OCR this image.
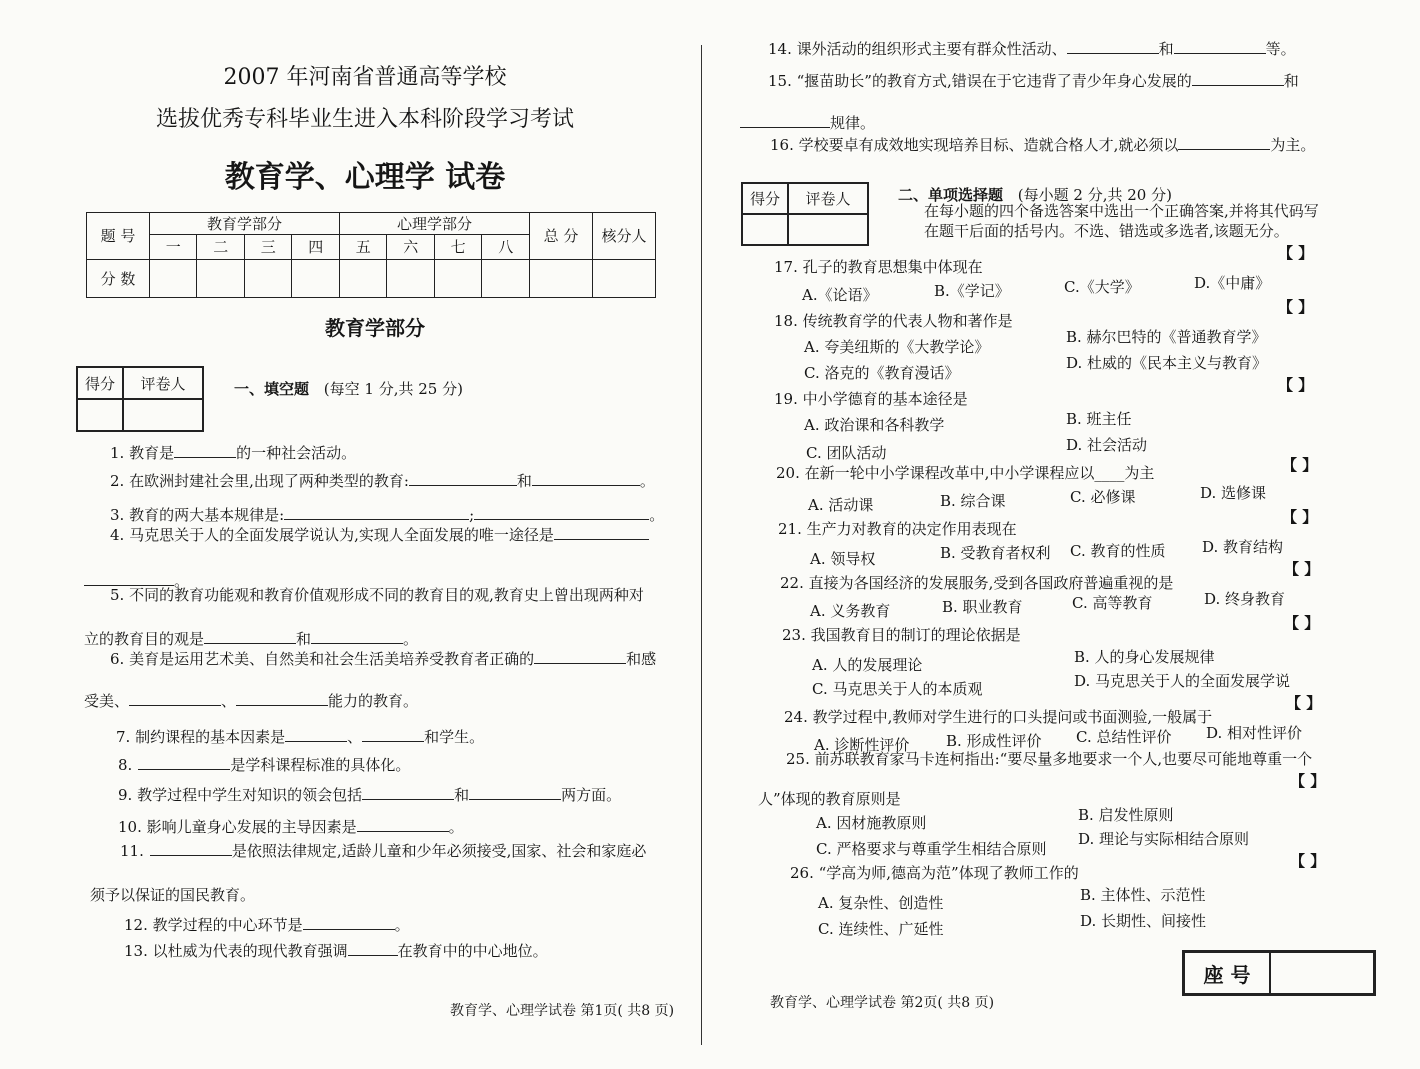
2007 年河南省普通高等学校
选拔优秀专科毕业生进入本科阶段学习考试
教育学、心理学 试卷
题 号	教育学部分				心理学部分				总 分	核分人
	一	二	三	四	五	六	七	八		
分 数										
教育学部分
得分	评卷人	一、填空题 (每空 1 分,共 25 分)
1. 教育是	的一种社会活动。
2. 在欧洲封建社会里,出现了两种类型的教育:	和	。
3. 教育的两大基本规律是:	;	。
4. 马克思关于人的全面发展学说认为,实现人全面发展的唯一途径是
。
5. 不同的教育功能观和教育价值观形成不同的教育目的观,教育史上曾出现两种对
立的教育目的观是	和	。
6. 美育是运用艺术美、自然美和社会生活美培养受教育者正确的	和感
受美、	、	能力的教育。
7. 制约课程的基本因素是	、	和学生。
8.	是学科课程标准的具体化。
9. 教学过程中学生对知识的领会包括	和	两方面。
10. 影响儿童身心发展的主导因素是	。
11.	是依照法律规定,适龄儿童和少年必须接受,国家、社会和家庭必
须予以保证的国民教育。
12. 教学过程的中心环节是	。
13. 以杜威为代表的现代教育强调	在教育中的中心地位。
教育学、心理学试卷 第1页( 共8 页)
14. 课外活动的组织形式主要有群众性活动、	和	等。
15. “揠苗助长”的教育方式,错误在于它违背了青少年身心发展的	和
规律。
16. 学校要卓有成效地实现培养目标、造就合格人才,就必须以	为主。
得分	评卷人	二、单项选择题 (每小题 2 分,共 20 分)
在每小题的四个备选答案中选出一个正确答案,并将其代码写
在题干后面的括号内。不选、错选或多选者,该题无分。
【 】
17. 孔子的教育思想集中体现在
A.《论语》	B.《学记》	C.《大学》	D.《中庸》
【 】
18. 传统教育学的代表人物和著作是
A. 夸美纽斯的《大教学论》
B. 赫尔巴特的《普通教育学》
C. 洛克的《教育漫话》
D. 杜威的《民本主义与教育》
【 】
19. 中小学德育的基本途径是
A. 政治课和各科教学	B. 班主任
C. 团队活动	D. 社会活动
【 】
20. 在新一轮中小学课程改革中,中小学课程应以____为主
A. 活动课	B. 综合课	C. 必修课	D. 选修课
【 】
21. 生产力对教育的决定作用表现在
A. 领导权	B. 受教育者权利 C. 教育的性质 D. 教育结构
【 】
22. 直接为各国经济的发展服务,受到各国政府普遍重视的是
A. 义务教育	B. 职业教育	C. 高等教育	D. 终身教育
【 】
23. 我国教育目的制订的理论依据是
A. 人的发展理论	B. 人的身心发展规律
C. 马克思关于人的本质观	D. 马克思关于人的全面发展学说
【 】
24. 教学过程中,教师对学生进行的口头提问或书面测验,一般属于
A. 诊断性评价 B. 形成性评价 C. 总结性评价 D. 相对性评价
25. 前苏联教育家马卡连柯指出:“要尽量多地要求一个人,也要尽可能地尊重一个
【 】
人”体现的教育原则是
A. 因材施教原则	B. 启发性原则
C. 严格要求与尊重学生相结合原则
D. 理论与实际相结合原则
26. “学高为师,德高为范”体现了教师工作的
【 】
A. 复杂性、创造性	B. 主体性、示范性
C. 连续性、广延性	D. 长期性、间接性
座 号
教育学、心理学试卷 第2页( 共8 页)
